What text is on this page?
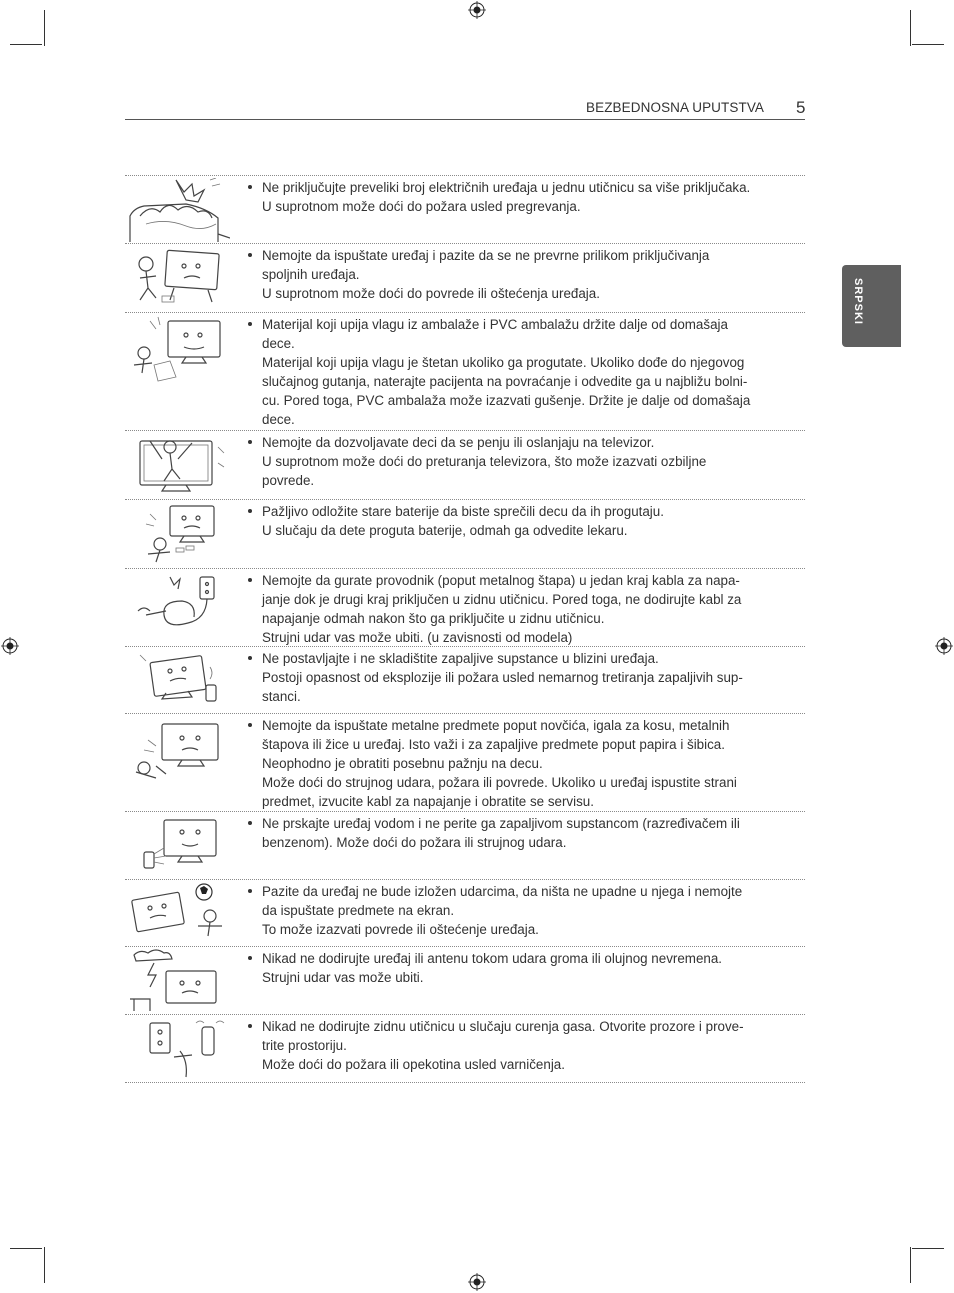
BEZBEDNOSNA UPUTSTVA 5
SRPSKI

Ne priključujte preveliki broj električnih uređaja u jednu utičnicu sa više priključaka.

U suprotnom može doći do požara usled pregrevanja.

Nemojte da ispuštate uređaj i pazite da se ne prevrne prilikom priključivanja

spoljnih uređaja.

U suprotnom može doći do povrede ili oštećenja uređaja.

Materijal koji upija vlagu iz ambalaže i PVC ambalažu držite dalje od domašaja

dece.

Materijal koji upija vlagu je štetan ukoliko ga progutate. Ukoliko dođe do njegovog

slučajnog gutanja, naterajte pacijenta na povraćanje i odvedite ga u najbližu bolni-

cu. Pored toga, PVC ambalaža može izazvati gušenje. Držite je dalje od domašaja

dece.

Nemojte da dozvoljavate deci da se penju ili oslanjaju na televizor.

U suprotnom može doći do preturanja televizora, što može izazvati ozbiljne

povrede.

Pažljivo odložite stare baterije da biste sprečili decu da ih progutaju.

U slučaju da dete proguta baterije, odmah ga odvedite lekaru.

Nemojte da gurate provodnik (poput metalnog štapa) u jedan kraj kabla za napa-

janje dok je drugi kraj priključen u zidnu utičnicu. Pored toga, ne dodirujte kabl za

napajanje odmah nakon što ga priključite u zidnu utičnicu.

Strujni udar vas može ubiti. (u zavisnosti od modela)

Ne postavljajte i ne skladištite zapaljive supstance u blizini uređaja.

Postoji opasnost od eksplozije ili požara usled nemarnog tretiranja zapaljivih sup-

stanci.

Nemojte da ispuštate metalne predmete poput novčića, igala za kosu, metalnih

štapova ili žice u uređaj. Isto važi i za zapaljive predmete poput papira i šibica.

Neophodno je obratiti posebnu pažnju na decu.

Može doći do strujnog udara, požara ili povrede. Ukoliko u uređaj ispustite strani

predmet, izvucite kabl za napajanje i obratite se servisu.

Ne prskajte uređaj vodom i ne perite ga zapaljivom supstancom (razređivačem ili

benzenom). Može doći do požara ili strujnog udara.

Pazite da uređaj ne bude izložen udarcima, da ništa ne upadne u njega i nemojte

da ispuštate predmete na ekran.

To može izazvati povrede ili oštećenje uređaja.

Nikad ne dodirujte uređaj ili antenu tokom udara groma ili olujnog nevremena.

Strujni udar vas može ubiti.

Nikad ne dodirujte zidnu utičnicu u slučaju curenja gasa. Otvorite prozore i prove-

trite prostoriju.

Može doći do požara ili opekotina usled varničenja.
